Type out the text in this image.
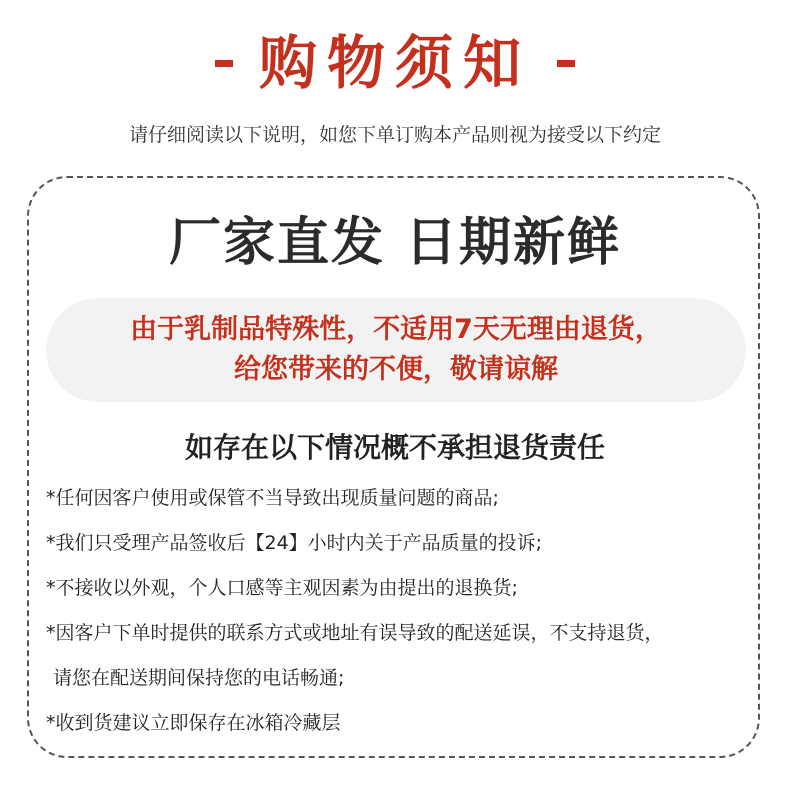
购物须知
请仔细阅读以下说明，如您下单订购本产品则视为接受以下约定
厂家直发 日期新鲜
由于乳制品特殊性，不适用7天无理由退货，
给您带来的不便，敬请谅解
如存在以下情况概不承担退货责任
*任何因客户使用或保管不当导致出现质量问题的商品;
*我们只受理产品签收后【24】小时内关于产品质量的投诉;
*不接收以外观，个人口感等主观因素为由提出的退换货;
*因客户下单时提供的联系方式或地址有误导致的配送延误，不支持退货，
请您在配送期间保持您的电话畅通;
*收到货建议立即保存在冰箱冷藏层
